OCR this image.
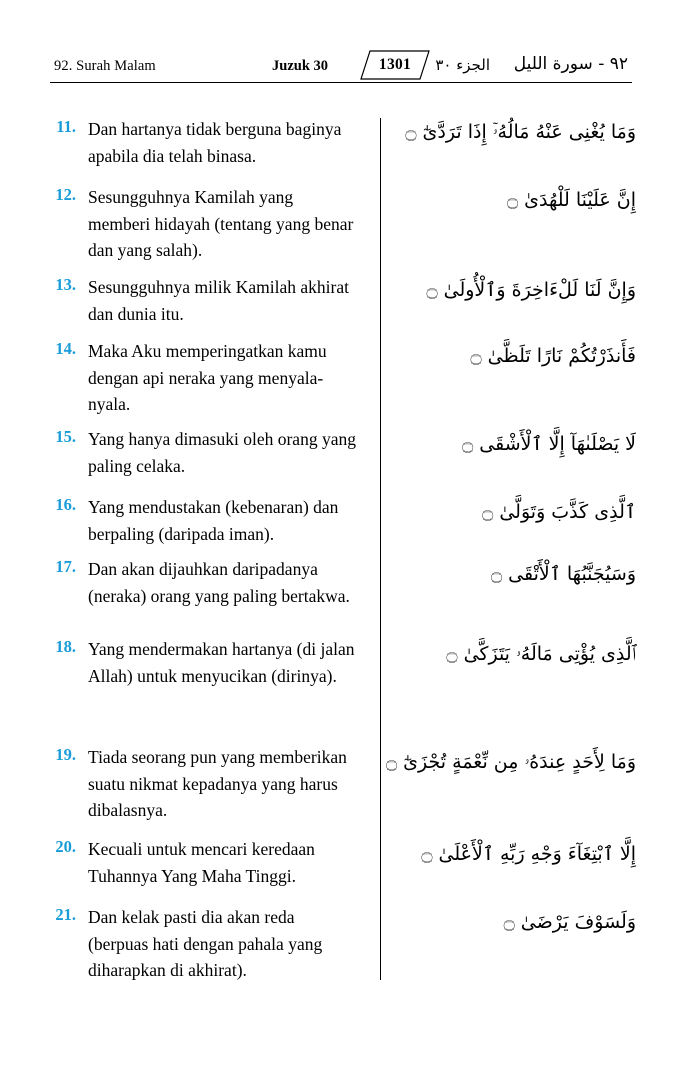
92. Surah Malam	Juzuk 30	1301	الجزء ٣٠ ٩٢ - سورة الليل
11. Dan hartanya tidak berguna baginya apabila dia telah binasa.
وَمَا يُغْنِى عَنْهُ مَالُهُۥٓ إِذَا تَرَدَّىٰٓ ۝
12. Sesungguhnya Kamilah yang memberi hidayah (tentang yang benar dan yang salah).
إِنَّ عَلَيْنَا لَلْهُدَىٰ ۝
13. Sesungguhnya milik Kamilah akhirat dan dunia itu.
وَإِنَّ لَنَا لَلْءَاخِرَةَ وَٱلْأُولَىٰ ۝
14. Maka Aku memperingatkan kamu dengan api neraka yang menyala-nyala.
فَأَنذَرْتُكُمْ نَارًا تَلَظَّىٰ ۝
15. Yang hanya dimasuki oleh orang yang paling celaka.
لَا يَصْلَىٰهَآ إِلَّا ٱلْأَشْقَى ۝
16. Yang mendustakan (kebenaran) dan berpaling (daripada iman).
ٱلَّذِى كَذَّبَ وَتَوَلَّىٰ ۝
17. Dan akan dijauhkan daripadanya (neraka) orang yang paling bertakwa.
وَسَيُجَنَّبُهَا ٱلْأَتْقَى ۝
18. Yang mendermakan hartanya (di jalan Allah) untuk menyucikan (dirinya).
ٱلَّذِى يُؤْتِى مَالَهُۥ يَتَزَكَّىٰ ۝
19. Tiada seorang pun yang memberikan suatu nikmat kepadanya yang harus dibalasnya.
وَمَا لِأَحَدٍ عِندَهُۥ مِن نِّعْمَةٍ تُجْزَىٰٓ ۝
20. Kecuali untuk mencari keredaan Tuhannya Yang Maha Tinggi.
إِلَّا ٱبْتِغَآءَ وَجْهِ رَبِّهِ ٱلْأَعْلَىٰ ۝
21. Dan kelak pasti dia akan reda (berpuas hati dengan pahala yang diharapkan di akhirat).
وَلَسَوْفَ يَرْضَىٰ ۝
